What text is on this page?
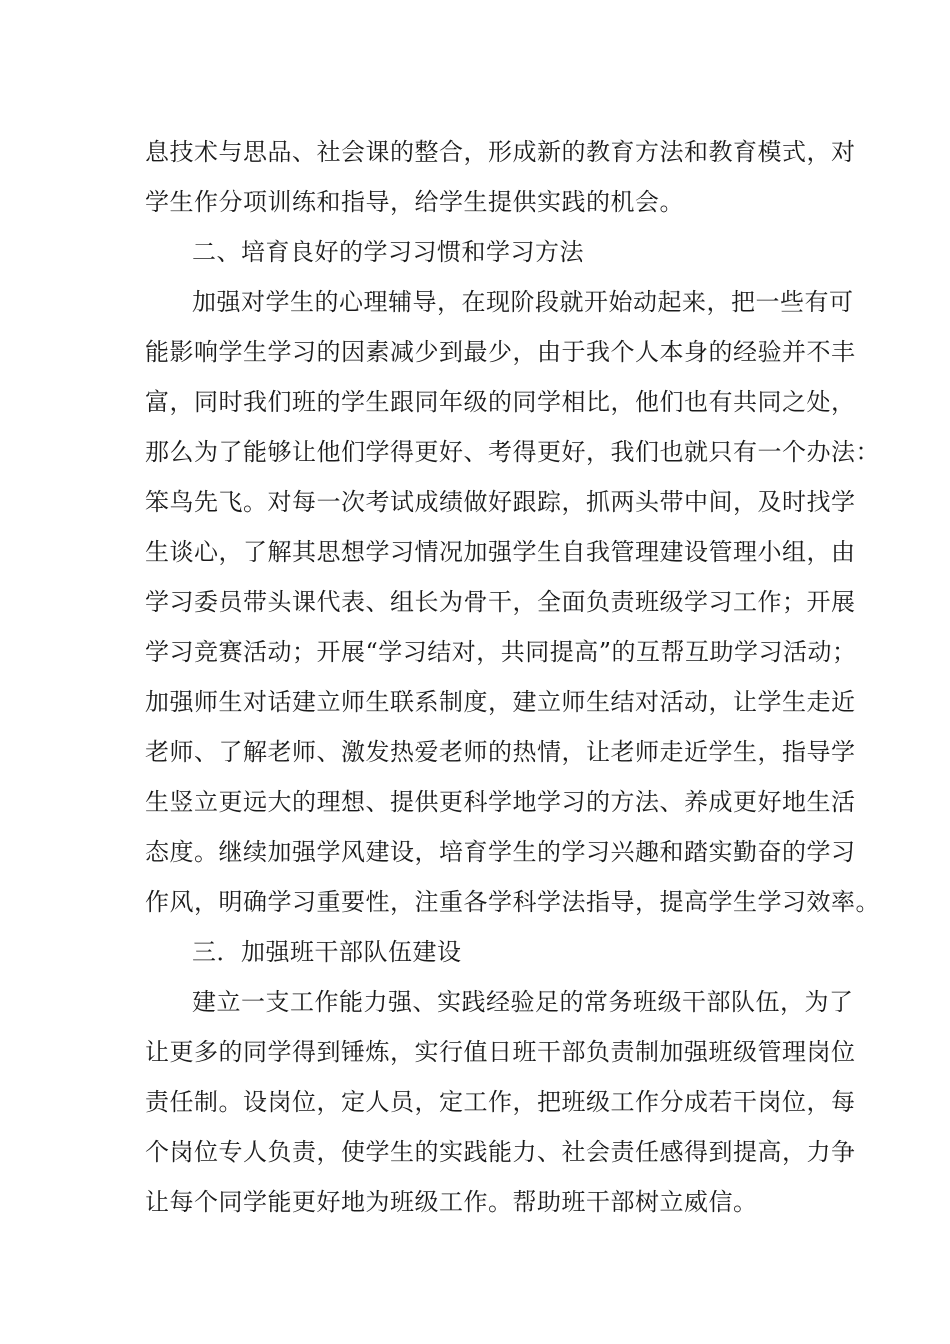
息技术与思品、社会课的整合，形成新的教育方法和教育模式，对
学生作分项训练和指导，给学生提供实践的机会。
二、培育良好的学习习惯和学习方法
加强对学生的心理辅导，在现阶段就开始动起来，把一些有可
能影响学生学习的因素减少到最少，由于我个人本身的经验并不丰
富，同时我们班的学生跟同年级的同学相比，他们也有共同之处，
那么为了能够让他们学得更好、考得更好，我们也就只有一个办法：
笨鸟先飞。对每一次考试成绩做好跟踪，抓两头带中间，及时找学
生谈心，了解其思想学习情况加强学生自我管理建设管理小组，由
学习委员带头课代表、组长为骨干，全面负责班级学习工作；开展
学习竞赛活动；开展“学习结对，共同提高”的互帮互助学习活动；
加强师生对话建立师生联系制度，建立师生结对活动，让学生走近
老师、了解老师、激发热爱老师的热情，让老师走近学生，指导学
生竖立更远大的理想、提供更科学地学习的方法、养成更好地生活
态度。继续加强学风建设，培育学生的学习兴趣和踏实勤奋的学习
作风，明确学习重要性，注重各学科学法指导，提高学生学习效率。
三．加强班干部队伍建设
建立一支工作能力强、实践经验足的常务班级干部队伍，为了
让更多的同学得到锤炼，实行值日班干部负责制加强班级管理岗位
责任制。设岗位，定人员，定工作，把班级工作分成若干岗位，每
个岗位专人负责，使学生的实践能力、社会责任感得到提高，力争
让每个同学能更好地为班级工作。帮助班干部树立威信。
